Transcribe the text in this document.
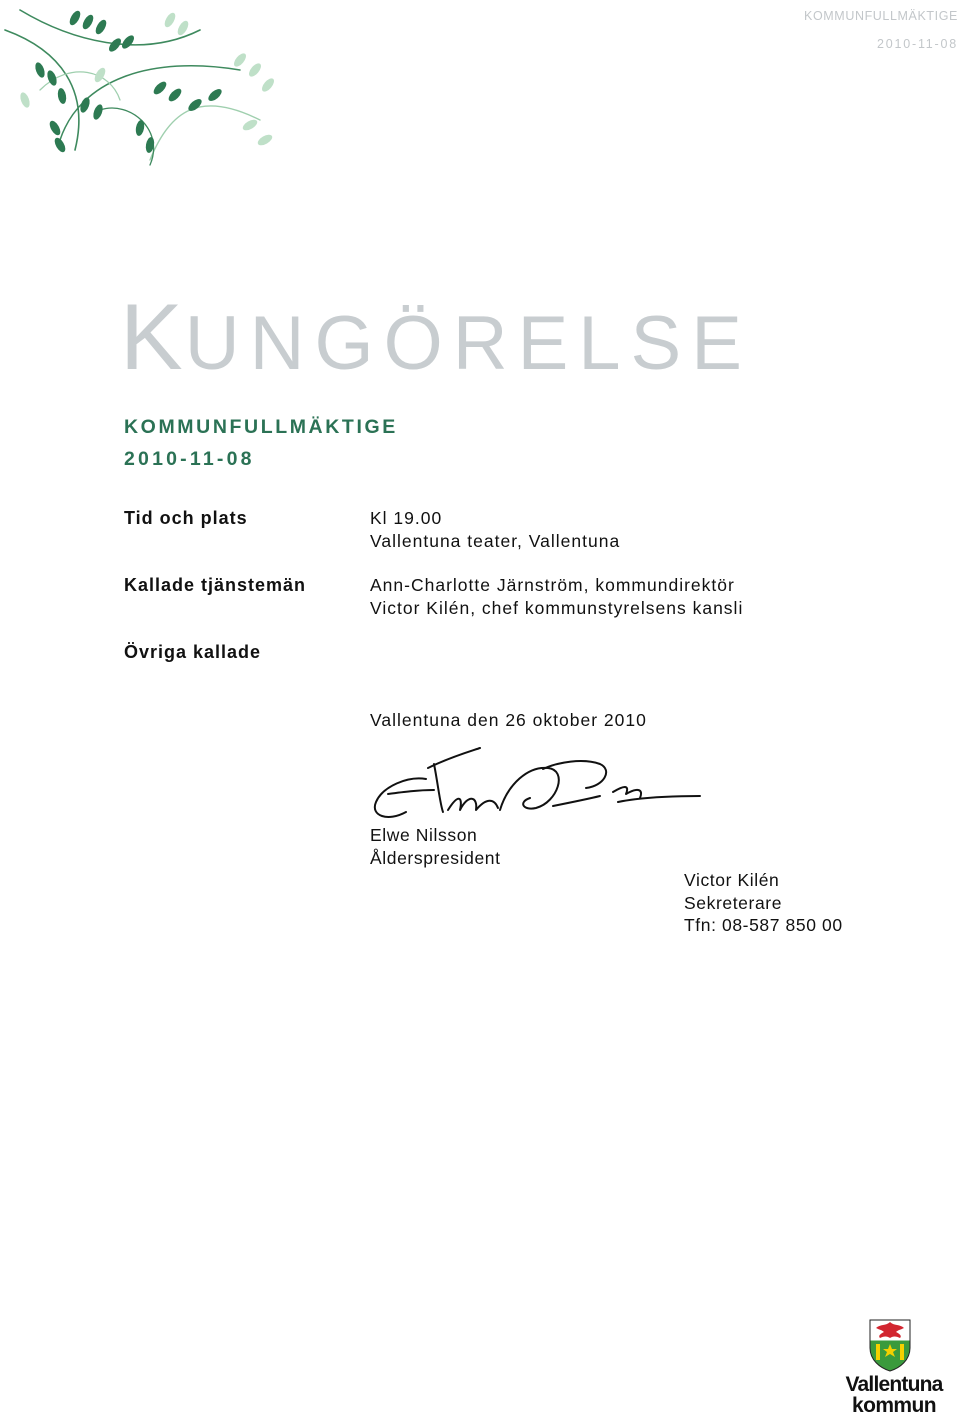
KOMMUNFULLMÄKTIGE
2010-11-08
KUNGÖRELSE
KOMMUNFULLMÄKTIGE
2010-11-08
Tid och plats	Kl 19.00
Vallentuna teater, Vallentuna
Kallade tjänstemän	Ann-Charlotte Järnström, kommundirektör
Victor Kilén, chef kommunstyrelsens kansli
Övriga kallade
Vallentuna den 26 oktober 2010
Elwe Nilsson
Ålderspresident
Victor Kilén
Sekreterare
Tfn: 08-587 850 00
Vallentuna
kommun
